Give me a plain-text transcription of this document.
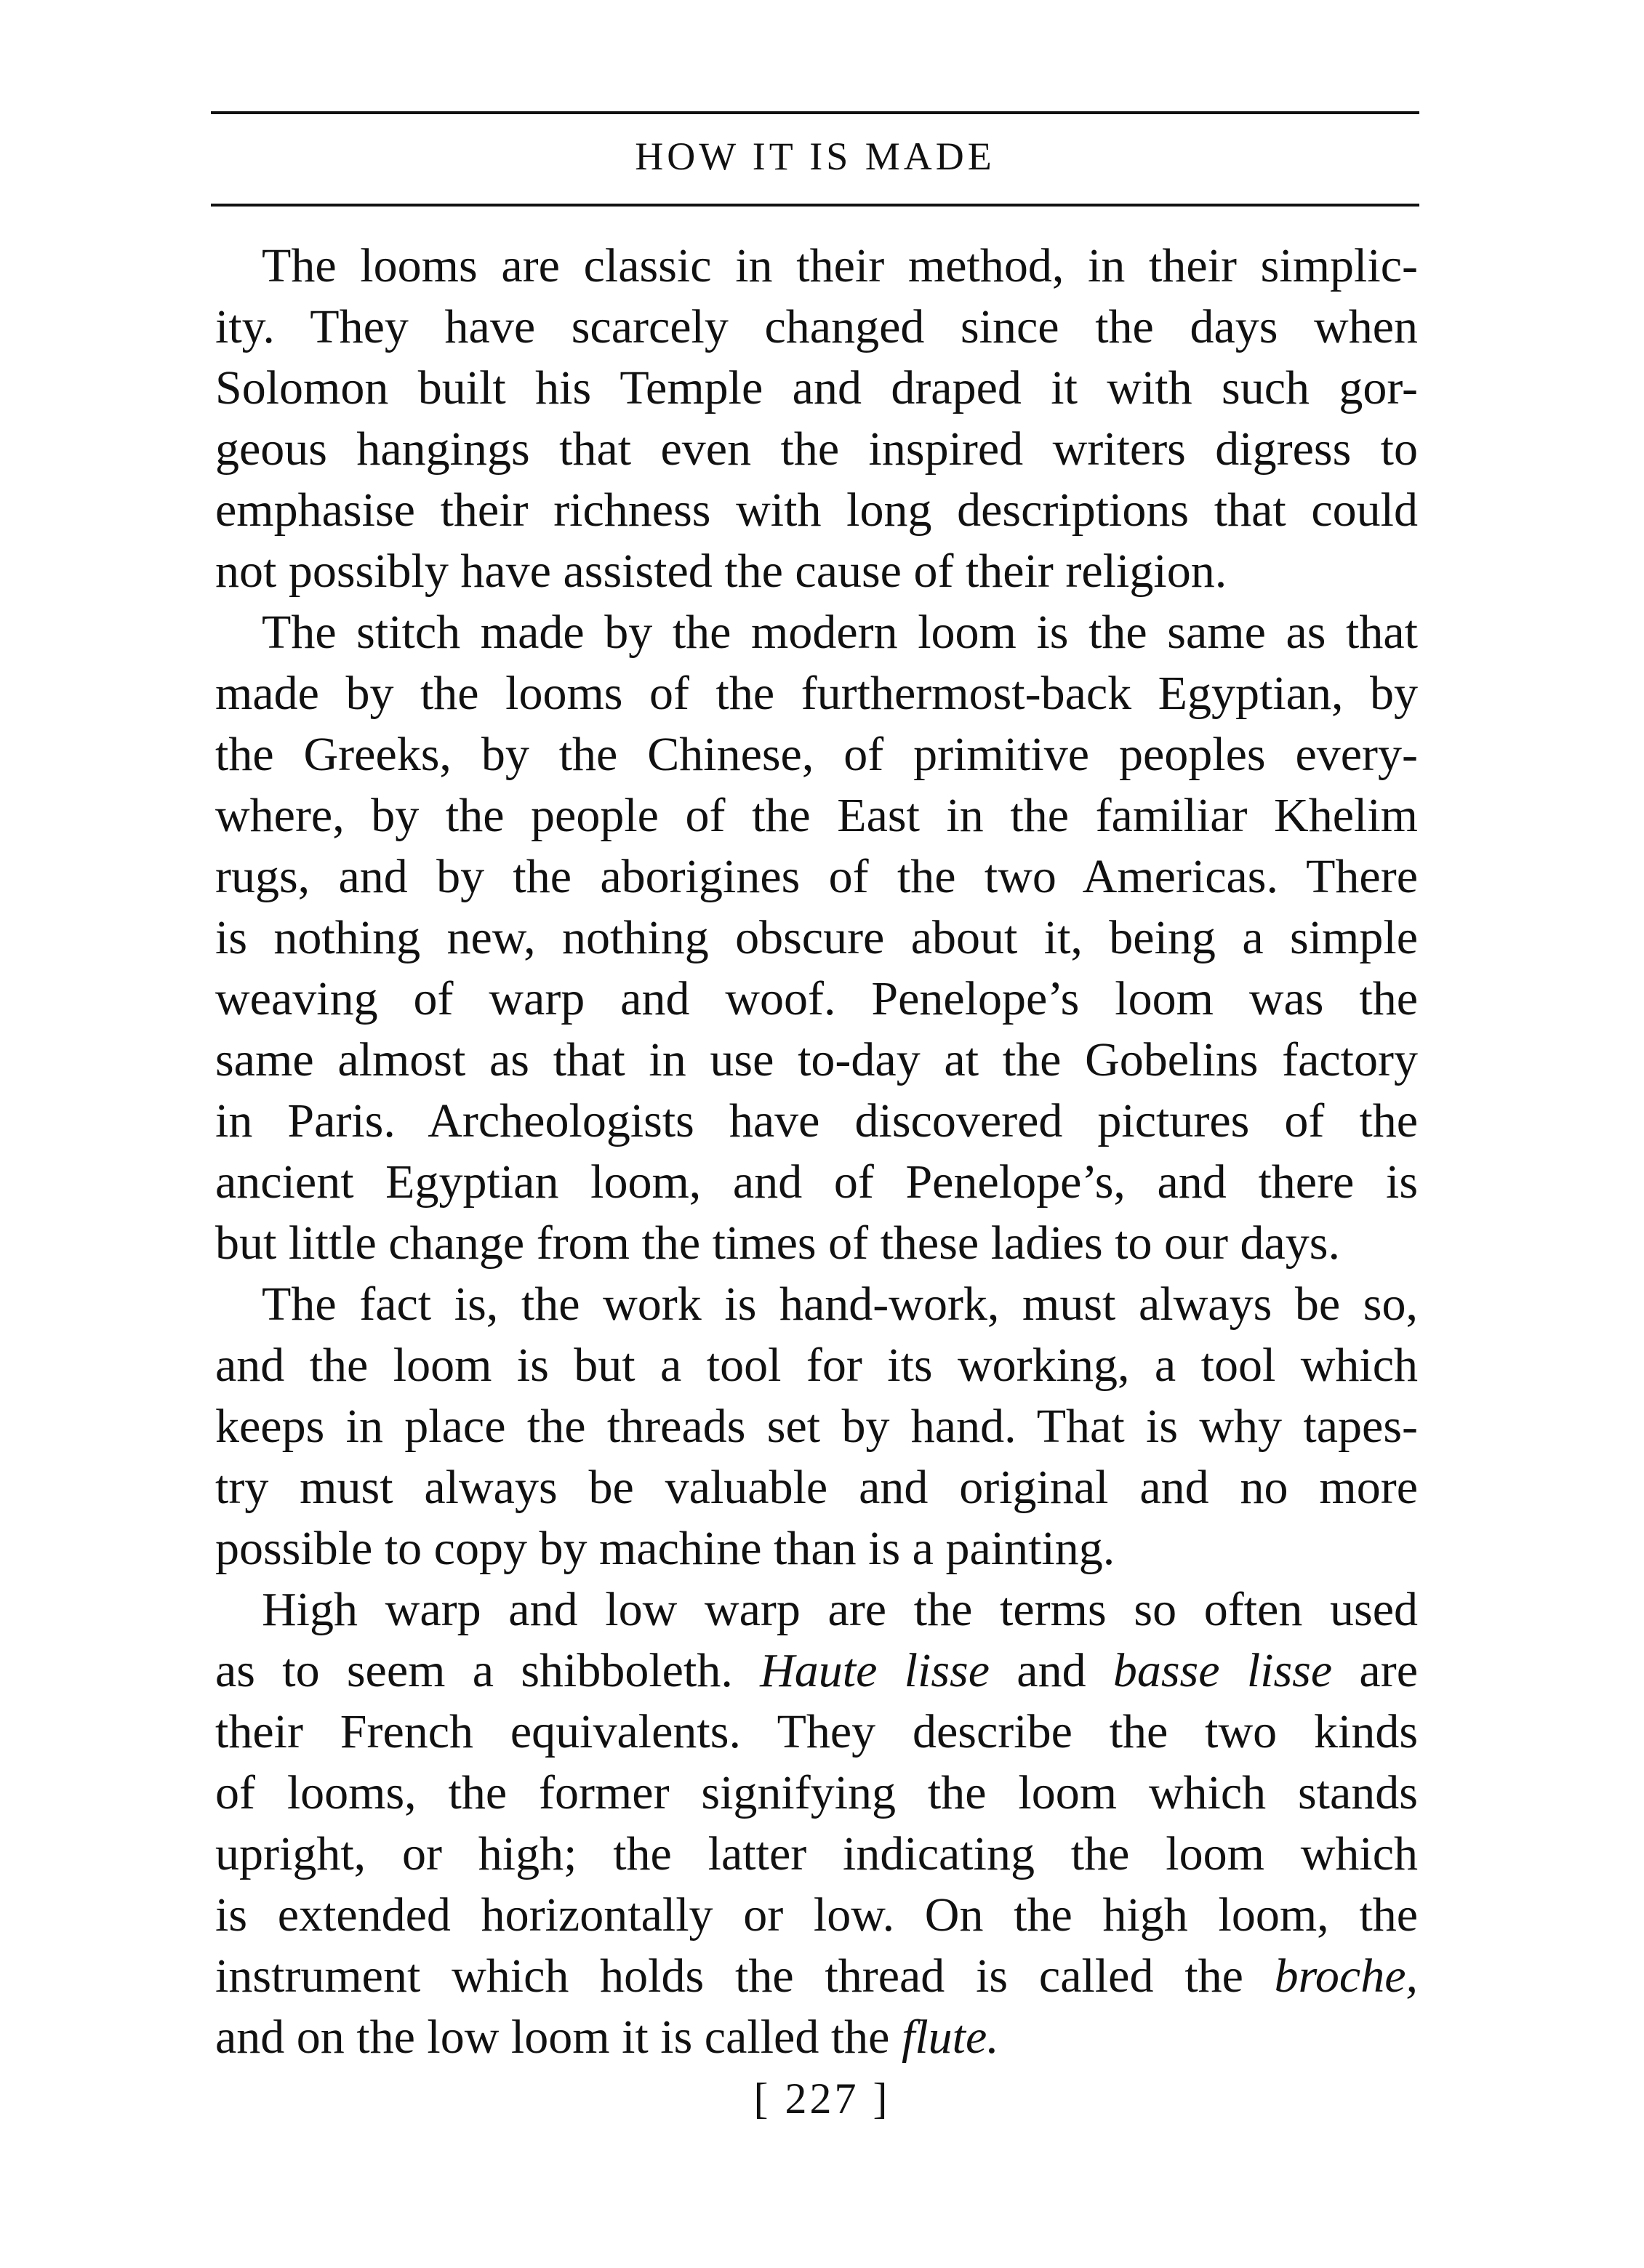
HOW IT IS MADE
The looms are classic in their method, in their simplic-
ity. They have scarcely changed since the days when
Solomon built his Temple and draped it with such gor-
geous hangings that even the inspired writers digress to
emphasise their richness with long descriptions that could
not possibly have assisted the cause of their religion.
The stitch made by the modern loom is the same as that
made by the looms of the furthermost-back Egyptian, by
the Greeks, by the Chinese, of primitive peoples every-
where, by the people of the East in the familiar Khelim
rugs, and by the aborigines of the two Americas. There
is nothing new, nothing obscure about it, being a simple
weaving of warp and woof. Penelope’s loom was the
same almost as that in use to-day at the Gobelins factory
in Paris. Archeologists have discovered pictures of the
ancient Egyptian loom, and of Penelope’s, and there is
but little change from the times of these ladies to our days.
The fact is, the work is hand-work, must always be so,
and the loom is but a tool for its working, a tool which
keeps in place the threads set by hand. That is why tapes-
try must always be valuable and original and no more
possible to copy by machine than is a painting.
High warp and low warp are the terms so often used
as to seem a shibboleth. Haute lisse and basse lisse are
their French equivalents. They describe the two kinds
of looms, the former signifying the loom which stands
upright, or high; the latter indicating the loom which
is extended horizontally or low. On the high loom, the
instrument which holds the thread is called the broche,
and on the low loom it is called the flute.
[ 227 ]
